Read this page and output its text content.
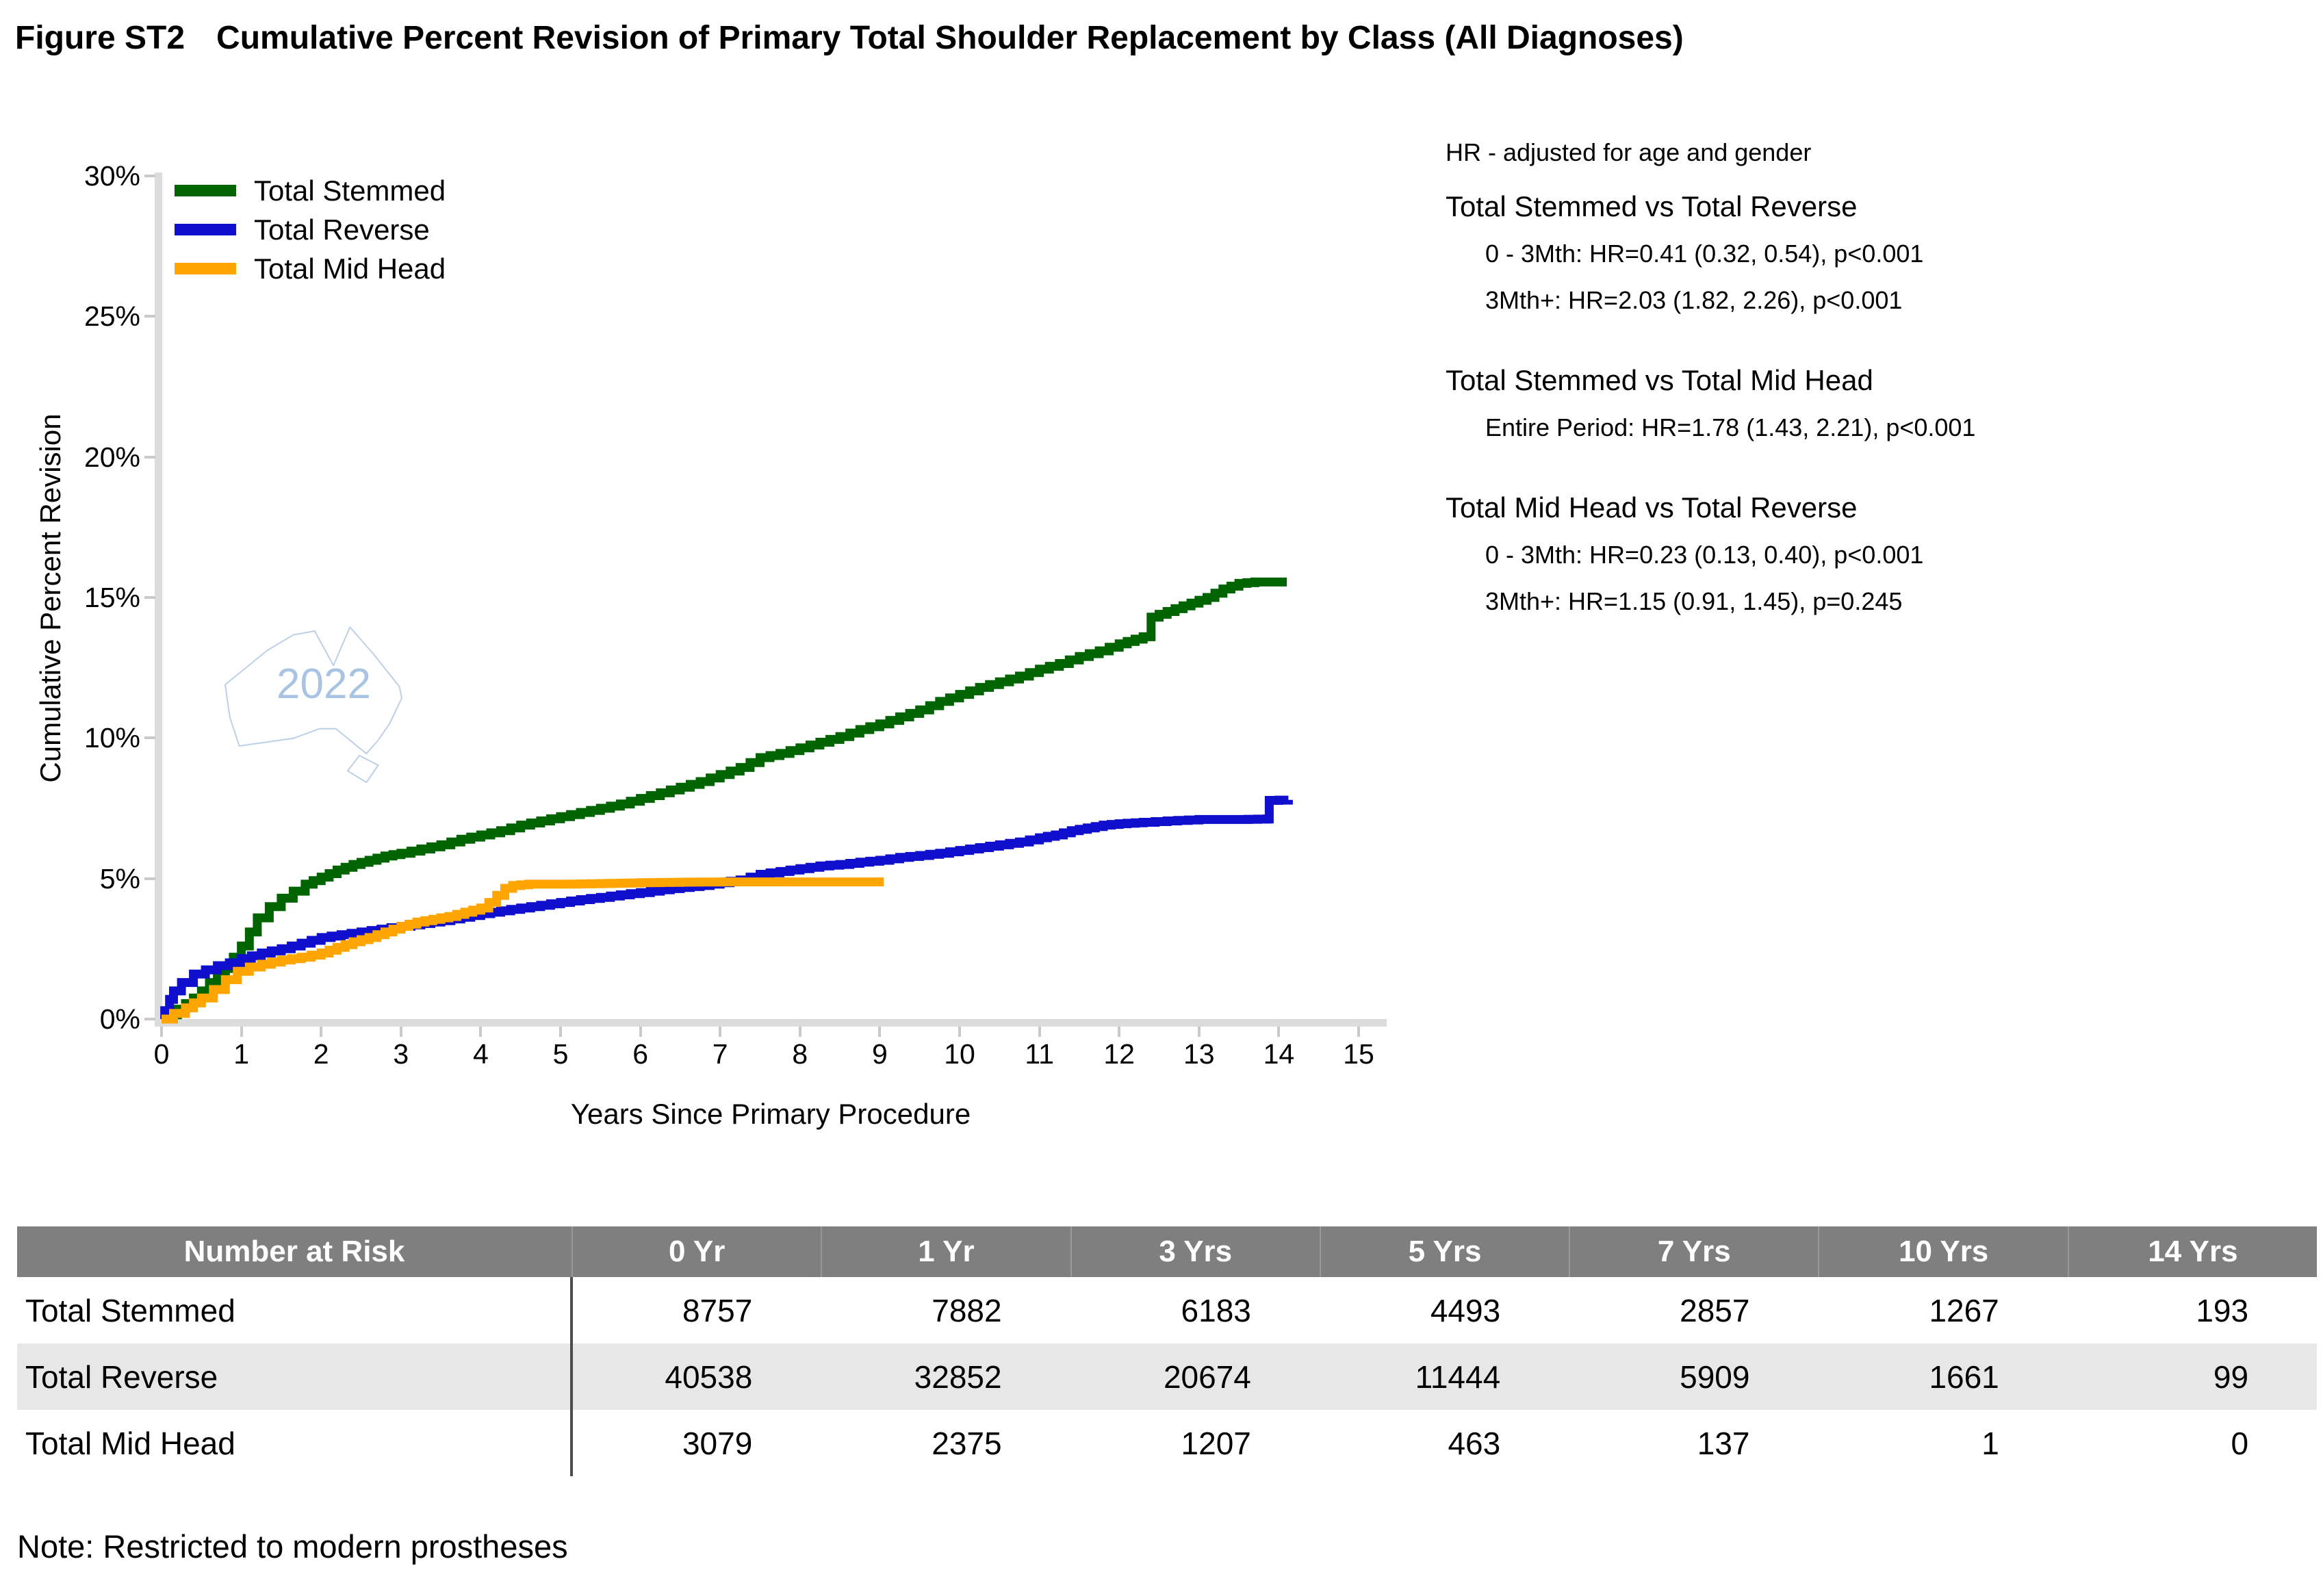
Figure ST2 Cumulative Percent Revision of Primary Total Shoulder Replacement by Class (All Diagnoses)
0%
5%
10%
15%
20%
25%
30%
0	1	2	3	4	5	6	7	8	9	10	11	12	13	14	15
Cumulative Percent Revision
Years Since Primary Procedure
2022
Total Stemmed
Total Reverse
Total Mid Head
HR - adjusted for age and gender
Total Stemmed vs Total Reverse
0 - 3Mth: HR=0.41 (0.32, 0.54), p<0.001
3Mth+: HR=2.03 (1.82, 2.26), p<0.001
Total Stemmed vs Total Mid Head
Entire Period: HR=1.78 (1.43, 2.21), p<0.001
Total Mid Head vs Total Reverse
0 - 3Mth: HR=0.23 (0.13, 0.40), p<0.001
3Mth+: HR=1.15 (0.91, 1.45), p=0.245
Number at Risk	0 Yr	1 Yr	3 Yrs	5 Yrs	7 Yrs	10 Yrs	14 Yrs
Total Stemmed	8757	7882	6183	4493	2857	1267	193
Total Reverse	40538	32852	20674	11444	5909	1661	99
Total Mid Head	3079	2375	1207	463	137	1	0
Note: Restricted to modern prostheses
